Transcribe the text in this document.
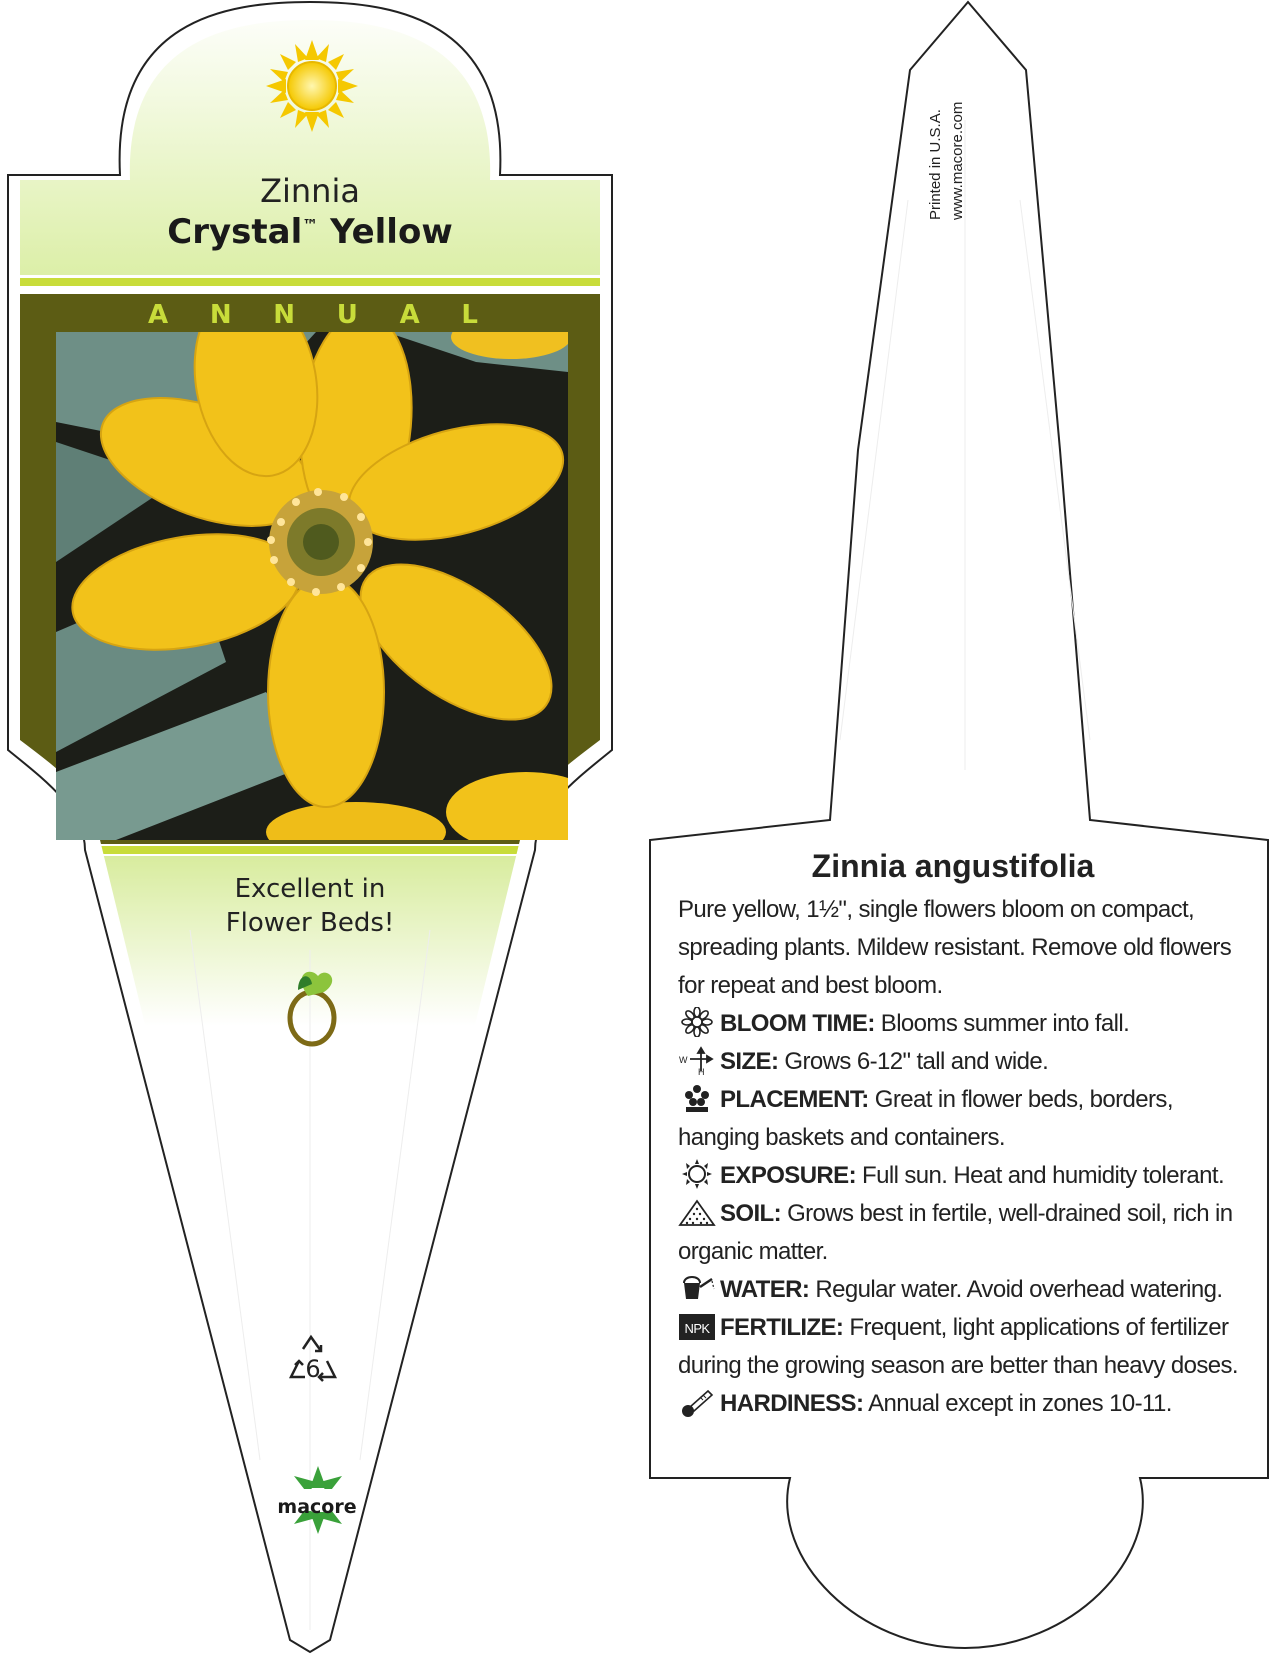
Zinnia
Crystal™ Yellow
A N N U A L
Excellent in
Flower Beds!
6
macore
Printed in U.S.A. www.macore.com
Zinnia angustifolia
Pure yellow, 1½", single flowers bloom on compact, spreading plants. Mildew resistant. Remove old flowers for repeat and best bloom.
BLOOM TIME: Blooms summer into fall.
W
H SIZE: Grows 6-12" tall and wide.
PLACEMENT: Great in flower beds, borders, hanging baskets and containers.
EXPOSURE: Full sun. Heat and humidity tolerant.
SOIL: Grows best in fertile, well-drained soil, rich in organic matter.
WATER: Regular water. Avoid overhead watering.
NPK FERTILIZE: Frequent, light applications of fertilizer during the growing season are better than heavy doses.
HARDINESS: Annual except in zones 10-11.
